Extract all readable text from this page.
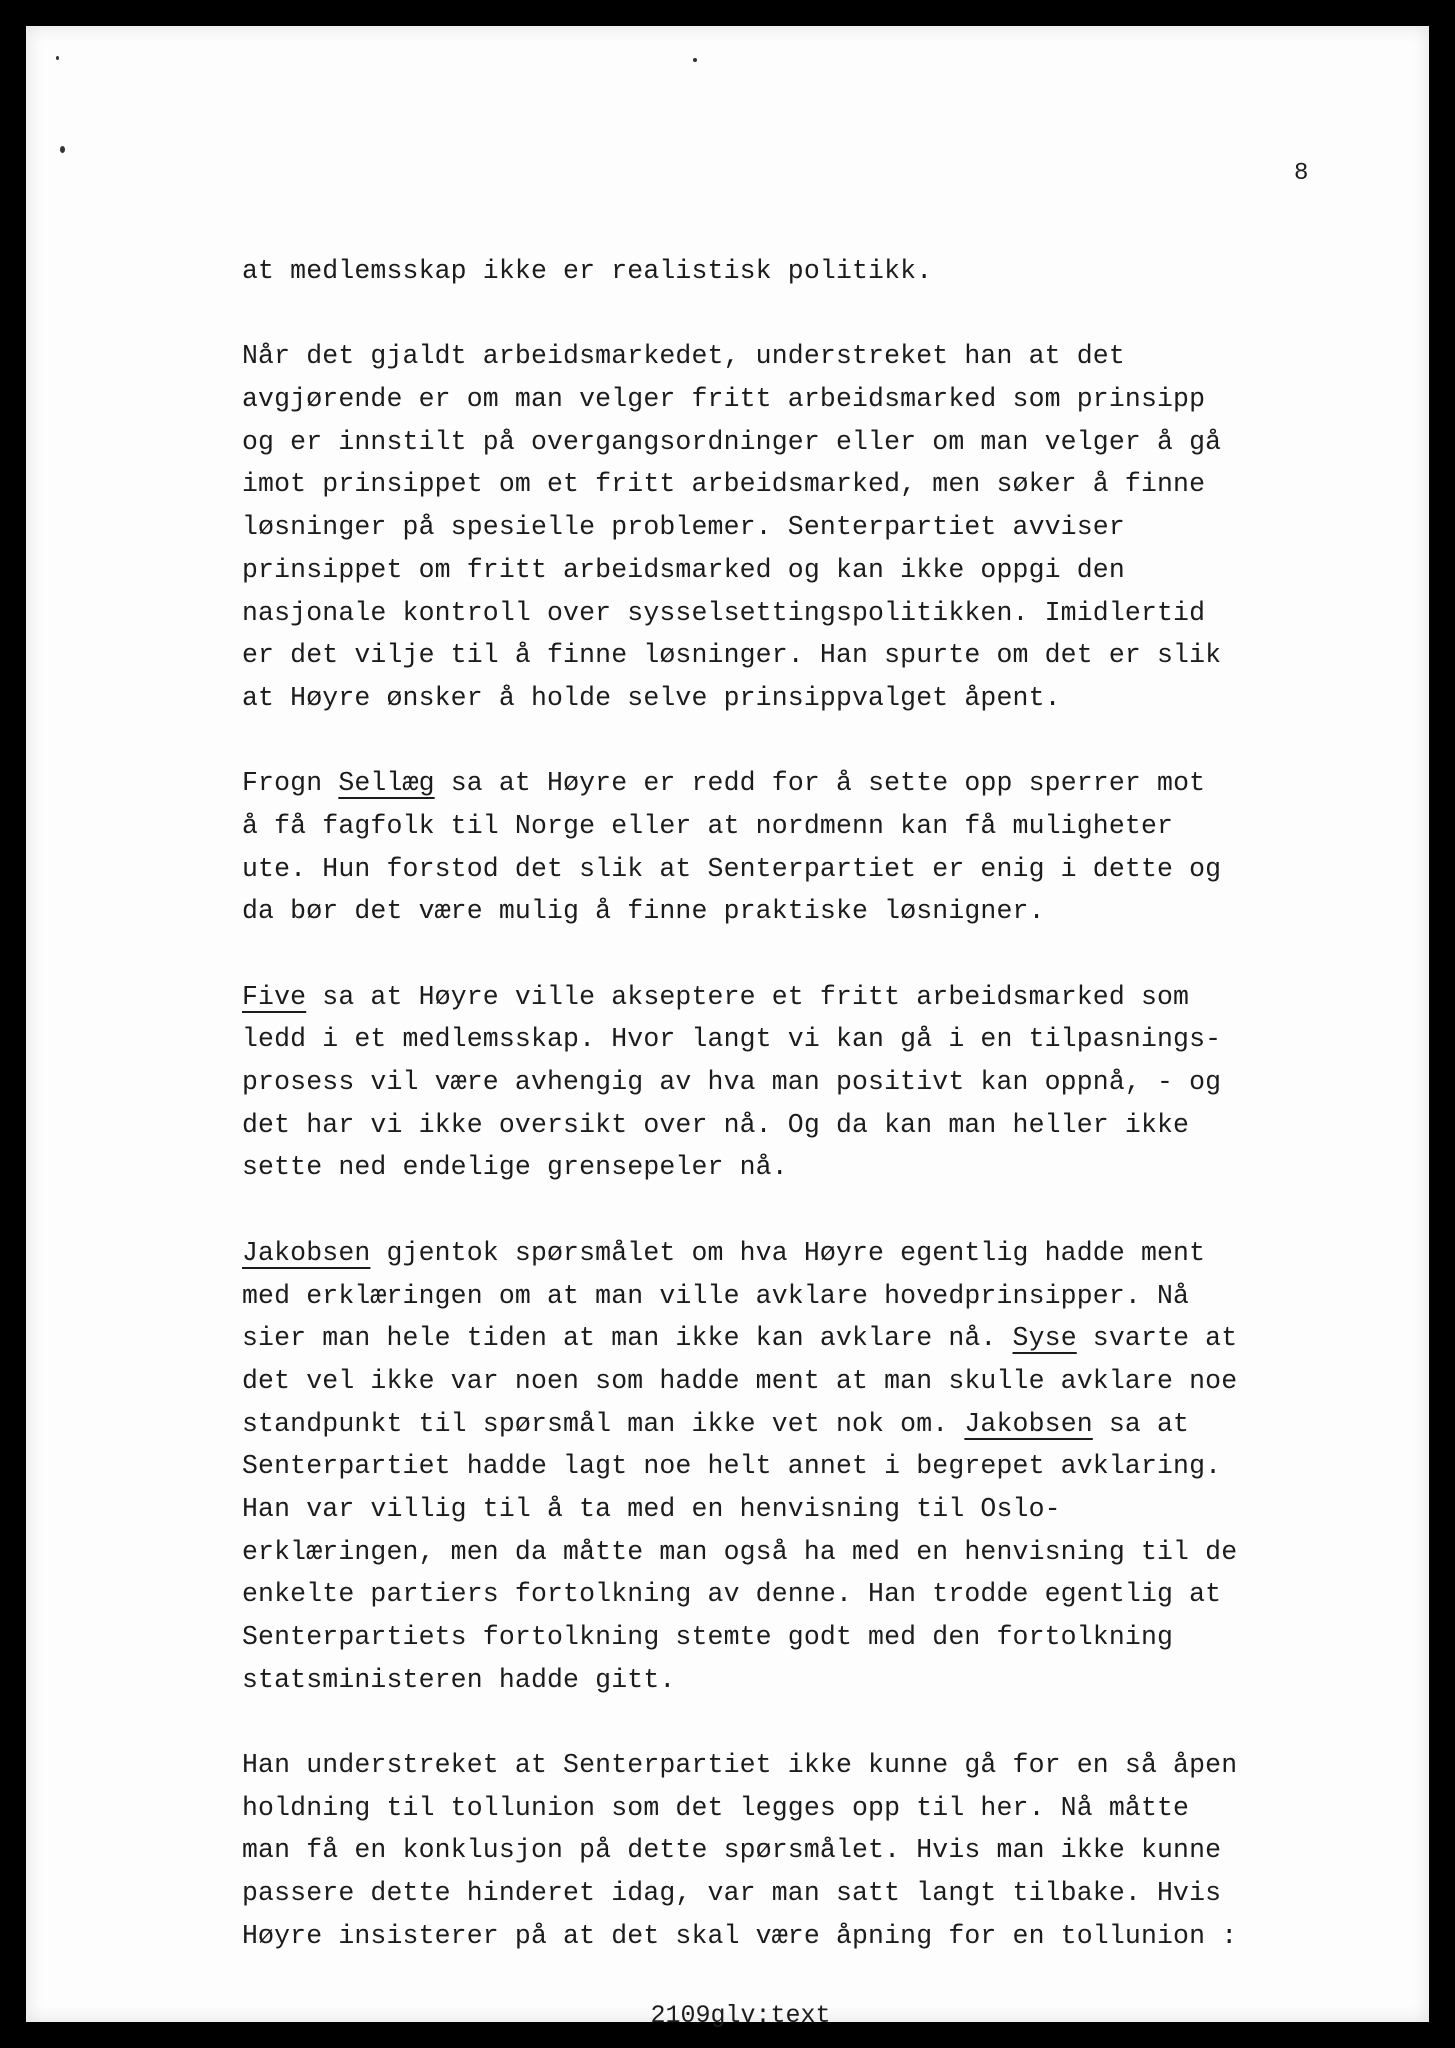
8
at medlemsskap ikke er realistisk politikk.
Når det gjaldt arbeidsmarkedet, understreket han at det
avgjørende er om man velger fritt arbeidsmarked som prinsipp
og er innstilt på overgangsordninger eller om man velger å gå
imot prinsippet om et fritt arbeidsmarked, men søker å finne
løsninger på spesielle problemer. Senterpartiet avviser
prinsippet om fritt arbeidsmarked og kan ikke oppgi den
nasjonale kontroll over sysselsettingspolitikken. Imidlertid
er det vilje til å finne løsninger. Han spurte om det er slik
at Høyre ønsker å holde selve prinsippvalget åpent.
Frogn Sellæg sa at Høyre er redd for å sette opp sperrer mot
å få fagfolk til Norge eller at nordmenn kan få muligheter
ute. Hun forstod det slik at Senterpartiet er enig i dette og
da bør det være mulig å finne praktiske løsnigner.
Five sa at Høyre ville akseptere et fritt arbeidsmarked som
ledd i et medlemsskap. Hvor langt vi kan gå i en tilpasnings-
prosess vil være avhengig av hva man positivt kan oppnå, - og
det har vi ikke oversikt over nå. Og da kan man heller ikke
sette ned endelige grensepeler nå.
Jakobsen gjentok spørsmålet om hva Høyre egentlig hadde ment
med erklæringen om at man ville avklare hovedprinsipper. Nå
sier man hele tiden at man ikke kan avklare nå. Syse svarte at
det vel ikke var noen som hadde ment at man skulle avklare noe
standpunkt til spørsmål man ikke vet nok om. Jakobsen sa at
Senterpartiet hadde lagt noe helt annet i begrepet avklaring.
Han var villig til å ta med en henvisning til Oslo-
erklæringen, men da måtte man også ha med en henvisning til de
enkelte partiers fortolkning av denne. Han trodde egentlig at
Senterpartiets fortolkning stemte godt med den fortolkning
statsministeren hadde gitt.
Han understreket at Senterpartiet ikke kunne gå for en så åpen
holdning til tollunion som det legges opp til her. Nå måtte
man få en konklusjon på dette spørsmålet. Hvis man ikke kunne
passere dette hinderet idag, var man satt langt tilbake. Hvis
Høyre insisterer på at det skal være åpning for en tollunion :
2109glv:text
